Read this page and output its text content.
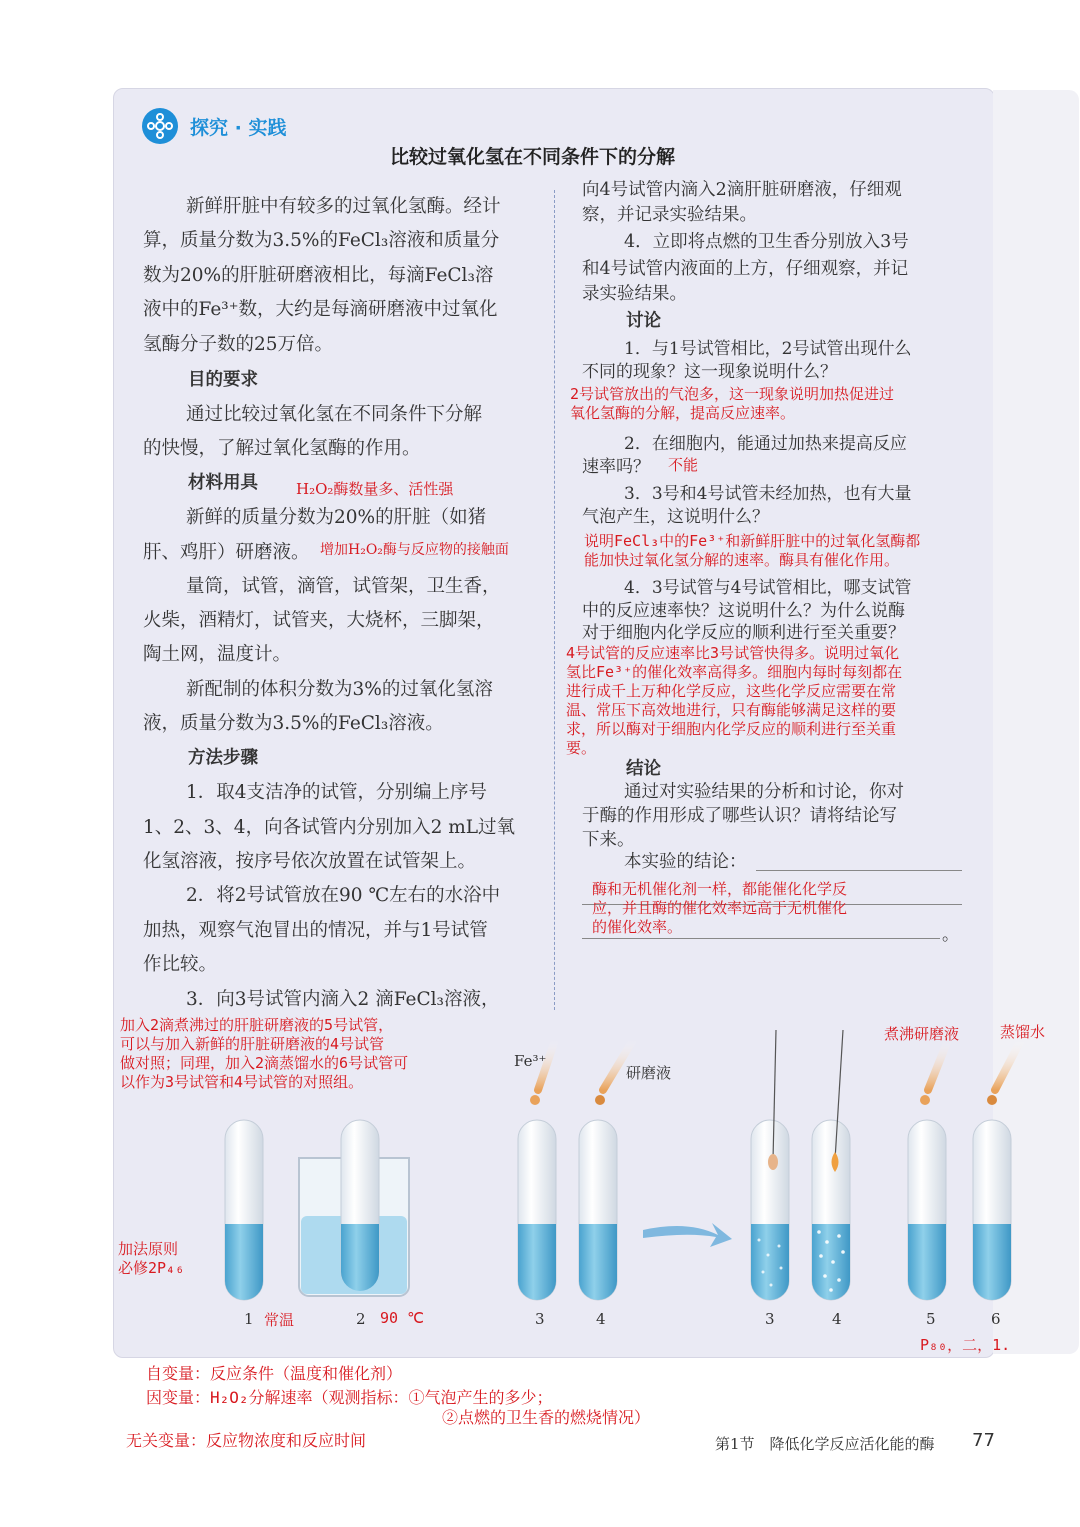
探究 · 实践
比较过氧化氢在不同条件下的分解
新鲜肝脏中有较多的过氧化氢酶。经计
算，质量分数为3.5%的FeCl₃溶液和质量分
数为20%的肝脏研磨液相比，每滴FeCl₃溶
液中的Fe³⁺数，大约是每滴研磨液中过氧化
氢酶分子数的25万倍。
目的要求
通过比较过氧化氢在不同条件下分解
的快慢，了解过氧化氢酶的作用。
材料用具	H₂O₂酶数量多、活性强
新鲜的质量分数为20%的肝脏（如猪
肝、鸡肝）研磨液。 增加H₂O₂酶与反应物的接触面
量筒，试管，滴管，试管架，卫生香，
火柴，酒精灯，试管夹，大烧杯，三脚架，
陶土网，温度计。
新配制的体积分数为3%的过氧化氢溶
液，质量分数为3.5%的FeCl₃溶液。
方法步骤
1．取4支洁净的试管，分别编上序号
1、2、3、4，向各试管内分别加入2 mL过氧
化氢溶液，按序号依次放置在试管架上。
2．将2号试管放在90 ℃左右的水浴中
加热，观察气泡冒出的情况，并与1号试管
作比较。
3．向3号试管内滴入2 滴FeCl₃溶液，
向4号试管内滴入2滴肝脏研磨液，仔细观
察，并记录实验结果。
4．立即将点燃的卫生香分别放入3号
和4号试管内液面的上方，仔细观察，并记
录实验结果。
讨论
1．与1号试管相比，2号试管出现什么
不同的现象？这一现象说明什么？
2号试管放出的气泡多，这一现象说明加热促进过
氧化氢酶的分解，提高反应速率。
2．在细胞内，能通过加热来提高反应
速率吗？ 不能
3．3号和4号试管未经加热，也有大量
气泡产生，这说明什么？
说明FeCl₃中的Fe³⁺和新鲜肝脏中的过氧化氢酶都
能加快过氧化氢分解的速率。酶具有催化作用。
4．3号试管与4号试管相比，哪支试管
中的反应速率快？这说明什么？为什么说酶
对于细胞内化学反应的顺利进行至关重要？
4号试管的反应速率比3号试管快得多。说明过氧化
氢比Fe³⁺的催化效率高得多。细胞内每时每刻都在
进行成千上万种化学反应，这些化学反应需要在常
温、常压下高效地进行，只有酶能够满足这样的要
求，所以酶对于细胞内化学反应的顺利进行至关重
要。
结论
通过对实验结果的分析和讨论，你对
于酶的作用形成了哪些认识？请将结论写
下来。
本实验的结论：
酶和无机催化剂一样，都能催化化学反
应，并且酶的催化效率远高于无机催化
的催化效率。	。
加入2滴煮沸过的肝脏研磨液的5号试管，
可以与加入新鲜的肝脏研磨液的4号试管
做对照；同理，加入2滴蒸馏水的6号试管可
以作为3号试管和4号试管的对照组。
Fe³⁺
研磨液
煮沸研磨液	蒸馏水
加法原则
必修2P₄₆
1 常温	2 90 ℃	3	4	3	4	5	6
P₈₀，二，1.
自变量：反应条件（温度和催化剂）
因变量：H₂O₂分解速率（观测指标：①气泡产生的多少；
②点燃的卫生香的燃烧情况）
无关变量：反应物浓度和反应时间	第1节　降低化学反应活化能的酶 77
